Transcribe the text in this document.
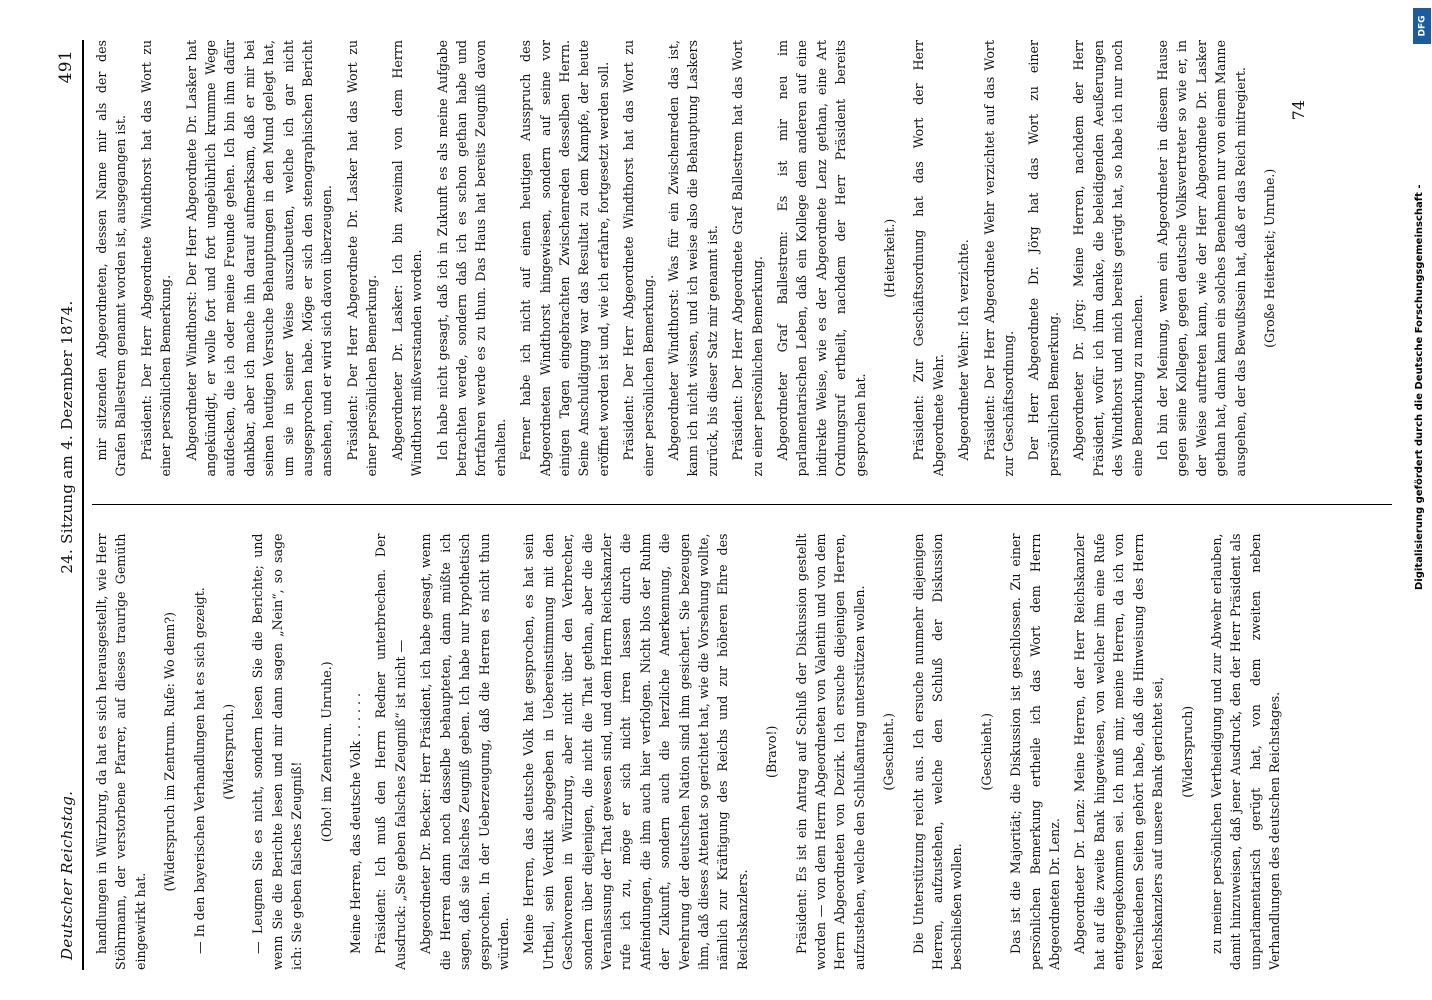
Deutscher Reichstag.
24. Sitzung am 4. Dezember 1874.
491

handlungen in Würzburg, da hat es sich herausgestellt, wie Herr Stöhrmann, der verstorbene Pfarrer, auf dieses traurige Gemüth eingewirkt hat.

(Widerspruch im Zentrum. Rufe: Wo denn?) — In den bayerischen Verhandlungen hat es sich gezeigt. (Widerspruch.) — Leugnen Sie es nicht, sondern lesen Sie die Berichte; und wenn Sie die Berichte lesen und mir dann sagen „Nein“, so sage ich: Sie geben falsches Zeugniß!

(Oho! im Zentrum. Unruhe.) Meine Herren, das deutsche Volk . . . . . . Präsident: Ich muß den Herrn Redner unterbrechen. Der Ausdruck: „Sie geben falsches Zeugniß“ ist nicht — Abgeordneter Dr. Becker: Herr Präsident, ich habe gesagt, wenn die Herren dann noch dasselbe behaupteten, dann müßte ich sagen, daß sie falsches Zeugniß geben. Ich habe nur hypothetisch gesprochen. In der Ueberzeugung, daß die Herren es nicht thun würden. Meine Herren, das deutsche Volk hat gesprochen, es hat sein Urtheil, sein Verdikt abgegeben in Uebereinstimmung mit den Geschworenen in Würzburg, aber nicht über den Verbrecher, sondern über diejenigen, die nicht die That gethan, aber die die Veranlassung der That gewesen sind, und dem Herrn Reichskanzler rufe ich zu, möge er sich nicht irren lassen durch die Anfeindungen, die ihm auch hier verfolgen. Nicht blos der Ruhm der Zukunft, sondern auch die herzliche Anerkennung, die Verehrung der deutschen Nation sind ihm gesichert. Sie bezeugen ihm, daß dieses Attentat so gerichtet hat, wie die Vorsehung wollte, nämlich zur Kräftigung des Reichs und zur höheren Ehre des Reichskanzlers.

(Bravo!) Präsident: Es ist ein Antrag auf Schluß der Diskussion gestellt worden — von dem Herrn Abgeordneten von Valentin und von dem Herrn Abgeordneten von Dezirk. Ich ersuche diejenigen Herren, aufzustehen, welche den Schlußantrag unterstützen wollen. (Geschieht.) Die Unterstützung reicht aus. Ich ersuche nunmehr diejenigen Herren, aufzustehen, welche den Schluß der Diskussion beschließen wollen.

(Geschieht.) Das ist die Majorität; die Diskussion ist geschlossen. Zu einer persönlichen Bemerkung ertheile ich das Wort dem Herrn Abgeordneten Dr. Lenz. Abgeordneter Dr. Lenz: Meine Herren, der Herr Reichskanzler hat auf die zweite Bank hingewiesen, von welcher ihm eine Rufe entgegengekommen sei. Ich muß mir, meine Herren, da ich von verschiedenen Seiten gehört habe, daß die Hinweisung des Herrn Reichskanzlers auf unsere Bank gerichtet sei, (Widerspruch) zu meiner persönlichen Vertheidigung und zur Abwehr erlauben, damit hinzuweisen, daß jener Ausdruck, den der Herr Präsident als unparlamentarisch gerügt hat, von dem zweiten neben Verhandlungen des deutschen Reichstages.

mir sitzenden Abgeordneten, dessen Name mir als der des Grafen Ballestrem genannt worden ist, ausgegangen ist. Präsident: Der Herr Abgeordnete Windthorst hat das Wort zu einer persönlichen Bemerkung. Abgeordneter Windthorst: Der Herr Abgeordnete Dr. Lasker hat angekündigt, er wolle fort und fort ungebührlich krumme Wege aufdecken, die ich oder meine Freunde gehen. Ich bin ihm dafür dankbar, aber ich mache ihn darauf aufmerksam, daß er mir bei seinen heutigen Versuche Behauptungen in den Mund gelegt hat, um sie in seiner Weise auszubeuten, welche ich gar nicht ausgesprochen habe. Möge er sich den stenographischen Bericht ansehen, und er wird sich davon überzeugen. Präsident: Der Herr Abgeordnete Dr. Lasker hat das Wort zu einer persönlichen Bemerkung. Abgeordneter Dr. Lasker: Ich bin zweimal von dem Herrn Windthorst mißverstanden worden. Ich habe nicht gesagt, daß ich in Zukunft es als meine Aufgabe betrachten werde, sondern daß ich es schon gethan habe und fortfahren werde es zu thun. Das Haus hat bereits Zeugniß davon erhalten. Ferner habe ich nicht auf einen heutigen Ausspruch des Abgeordneten Windthorst hingewiesen, sondern auf seine vor einigen Tagen eingebrachten Zwischenreden desselben Herrn. Seine Anschuldigung war das Resultat zu dem Kampfe, der heute eröffnet worden ist und, wie ich erfahre, fortgesetzt werden soll. Präsident: Der Herr Abgeordnete Windthorst hat das Wort zu einer persönlichen Bemerkung. Abgeordneter Windthorst: Was für ein Zwischenreden das ist, kann ich nicht wissen, und ich weise also die Behauptung Laskers zurück, bis dieser Satz mir genannt ist. Präsident: Der Herr Abgeordnete Graf Ballestrem hat das Wort zu einer persönlichen Bemerkung. Abgeordneter Graf Ballestrem: Es ist mir neu im parlamentarischen Leben, daß ein Kollege dem anderen auf eine indirekte Weise, wie es der Abgeordnete Lenz gethan, eine Art Ordnungsruf ertheilt, nachdem der Herr Präsident bereits gesprochen hat.

(Heiterkeit.) Präsident: Zur Geschäftsordnung hat das Wort der Herr Abgeordnete Wehr. Abgeordneter Wehr: Ich verzichte. Präsident: Der Herr Abgeordnete Wehr verzichtet auf das Wort zur Geschäftsordnung. Der Herr Abgeordnete Dr. Jörg hat das Wort zu einer persönlichen Bemerkung. Abgeordneter Dr. Jörg: Meine Herren, nachdem der Herr Präsident, wofür ich ihm danke, die beleidigenden Aeußerungen des Windthorst und mich bereits gerügt hat, so habe ich nur noch eine Bemerkung zu machen. Ich bin der Meinung, wenn ein Abgeordneter in diesem Hause gegen seine Kollegen, gegen deutsche Volksvertreter so wie er, in der Weise auftreten kann, wie der Herr Abgeordnete Dr. Lasker gethan hat, dann kann ein solches Benehmen nur von einem Manne ausgehen, der das Bewußtsein hat, daß er das Reich mitregiert. (Große Heiterkeit; Unruhe.)

74
DFG
Digitalisierung gefördert durch die Deutsche Forschungsgemeinschaft -
